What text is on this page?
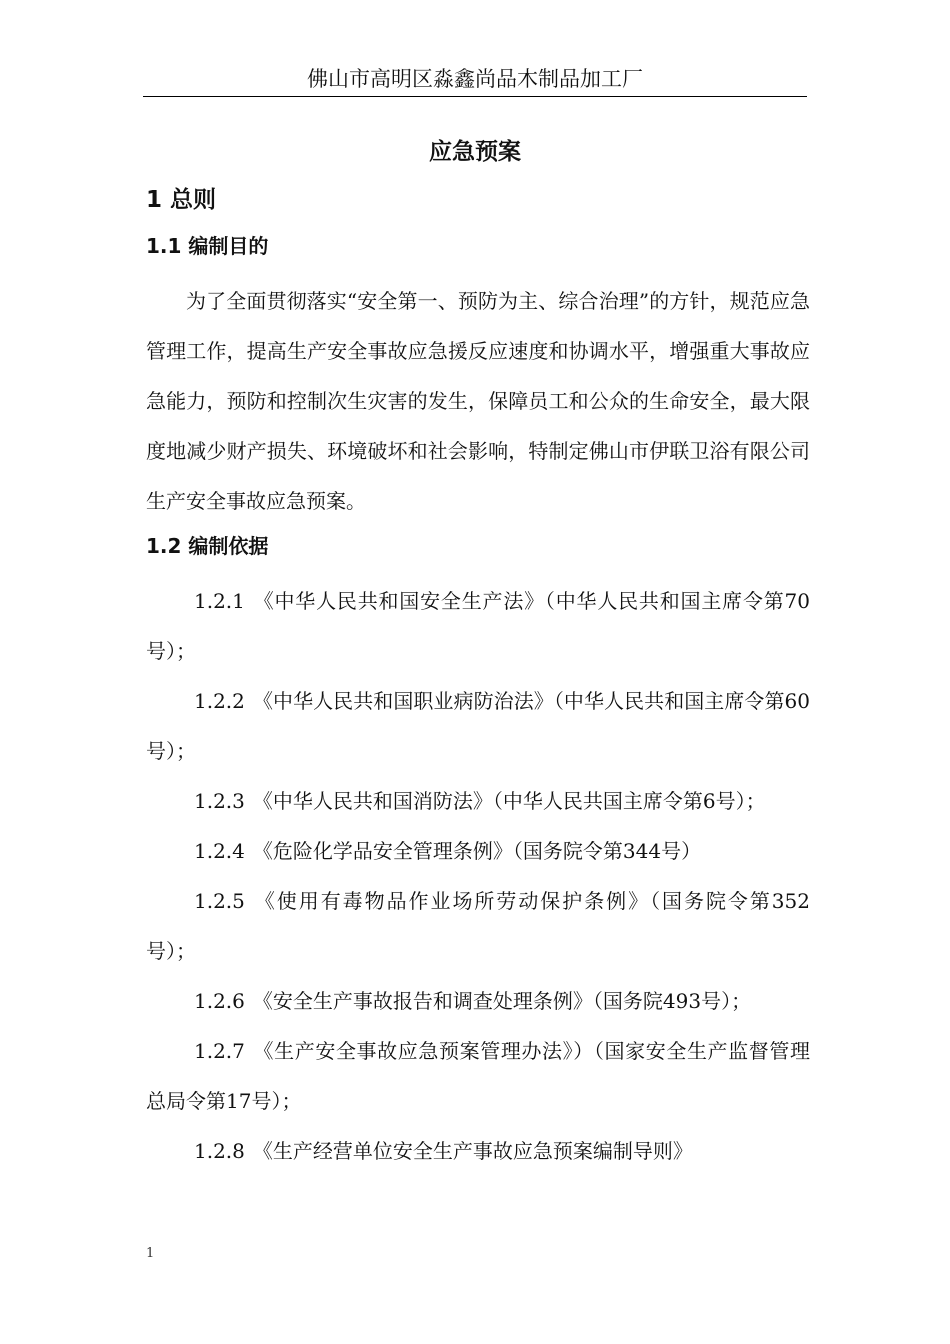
佛山市高明区淼鑫尚品木制品加工厂
应急预案
1 总则
1.1 编制目的

为了全面贯彻落实“安全第一、预防为主、综合治理”的方针，规范应急管理工作，提高生产安全事故应急援反应速度和协调水平，增强重大事故应急能力，预防和控制次生灾害的发生，保障员工和公众的生命安全，最大限度地减少财产损失、环境破坏和社会影响，特制定佛山市伊联卫浴有限公司生产安全事故应急预案。

1.2 编制依据
1.2.1 《中华人民共和国安全生产法》（中华人民共和国主席令第70号）；
1.2.2 《中华人民共和国职业病防治法》（中华人民共和国主席令第60号）；
1.2.3 《中华人民共和国消防法》（中华人民共国主席令第6号）；
1.2.4 《危险化学品安全管理条例》（国务院令第344号）
1.2.5 《使用有毒物品作业场所劳动保护条例》（国务院令第352号）；
1.2.6 《安全生产事故报告和调查处理条例》（国务院493号）；
1.2.7 《生产安全事故应急预案管理办法》）（国家安全生产监督管理总局令第17号）；
1.2.8 《生产经营单位安全生产事故应急预案编制导则》
1
